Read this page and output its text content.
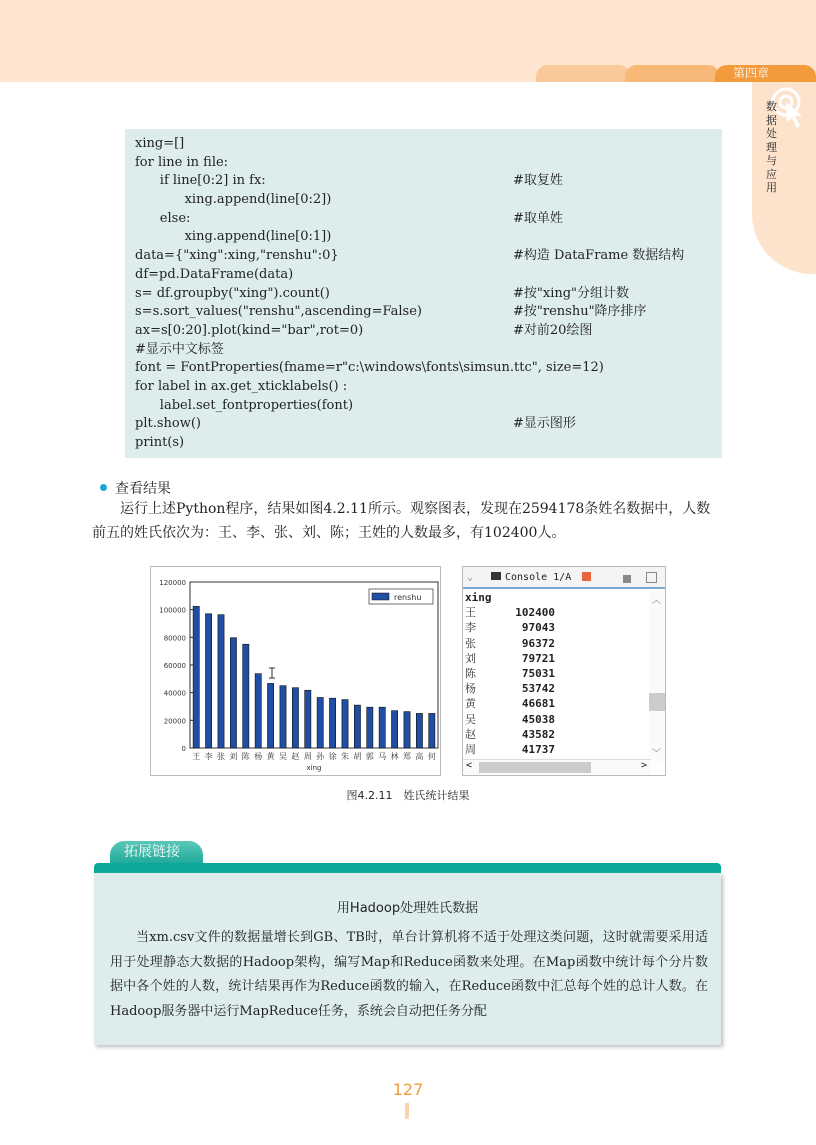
第四章
数据处理与应用
xing=[]
for line in file:
if line[0:2] in fx:	#取复姓
xing.append(line[0:2])
else:	#取单姓
xing.append(line[0:1])
data={"xing":xing,"renshu":0}	#构造 DataFrame 数据结构
df=pd.DataFrame(data)
s= df.groupby("xing").count()	#按"xing"分组计数
s=s.sort_values("renshu",ascending=False)	#按"renshu"降序排序
ax=s[0:20].plot(kind="bar",rot=0)	#对前20绘图
#显示中文标签
font = FontProperties(fname=r"c:\windows\fonts\simsun.ttc", size=12)
for label in ax.get_xticklabels() :
label.set_fontproperties(font)
plt.show()	#显示图形
print(s)
查看结果
运行上述Python程序，结果如图4.2.11所示。观察图表，发现在2594178条姓名数据中，人数前五的姓氏依次为：王、李、张、刘、陈；王姓的人数最多，有102400人。
0
20000
40000
60000
80000
100000
120000
王 李 张 刘 陈 杨 黄 吴 赵 周 孙 徐 朱 胡 郭 马 林 郑 高 何
xing
renshu
⌄	Console 1/A
xing
王	102400
李	97043
张	96372
刘	79721
陈	75031
杨	53742
黄	46681
吴	45038
赵	43582
周	41737
︿
﹀
<	>
图4.2.11　姓氏统计结果
拓展链接
用Hadoop处理姓氏数据
当xm.csv文件的数据量增长到GB、TB时，单台计算机将不适于处理这类问题，这时就需要采用适用于处理静态大数据的Hadoop架构，编写Map和Reduce函数来处理。在Map函数中统计每个分片数据中各个姓的人数，统计结果再作为Reduce函数的输入，在Reduce函数中汇总每个姓的总计人数。在Hadoop服务器中运行MapReduce任务，系统会自动把任务分配
127
